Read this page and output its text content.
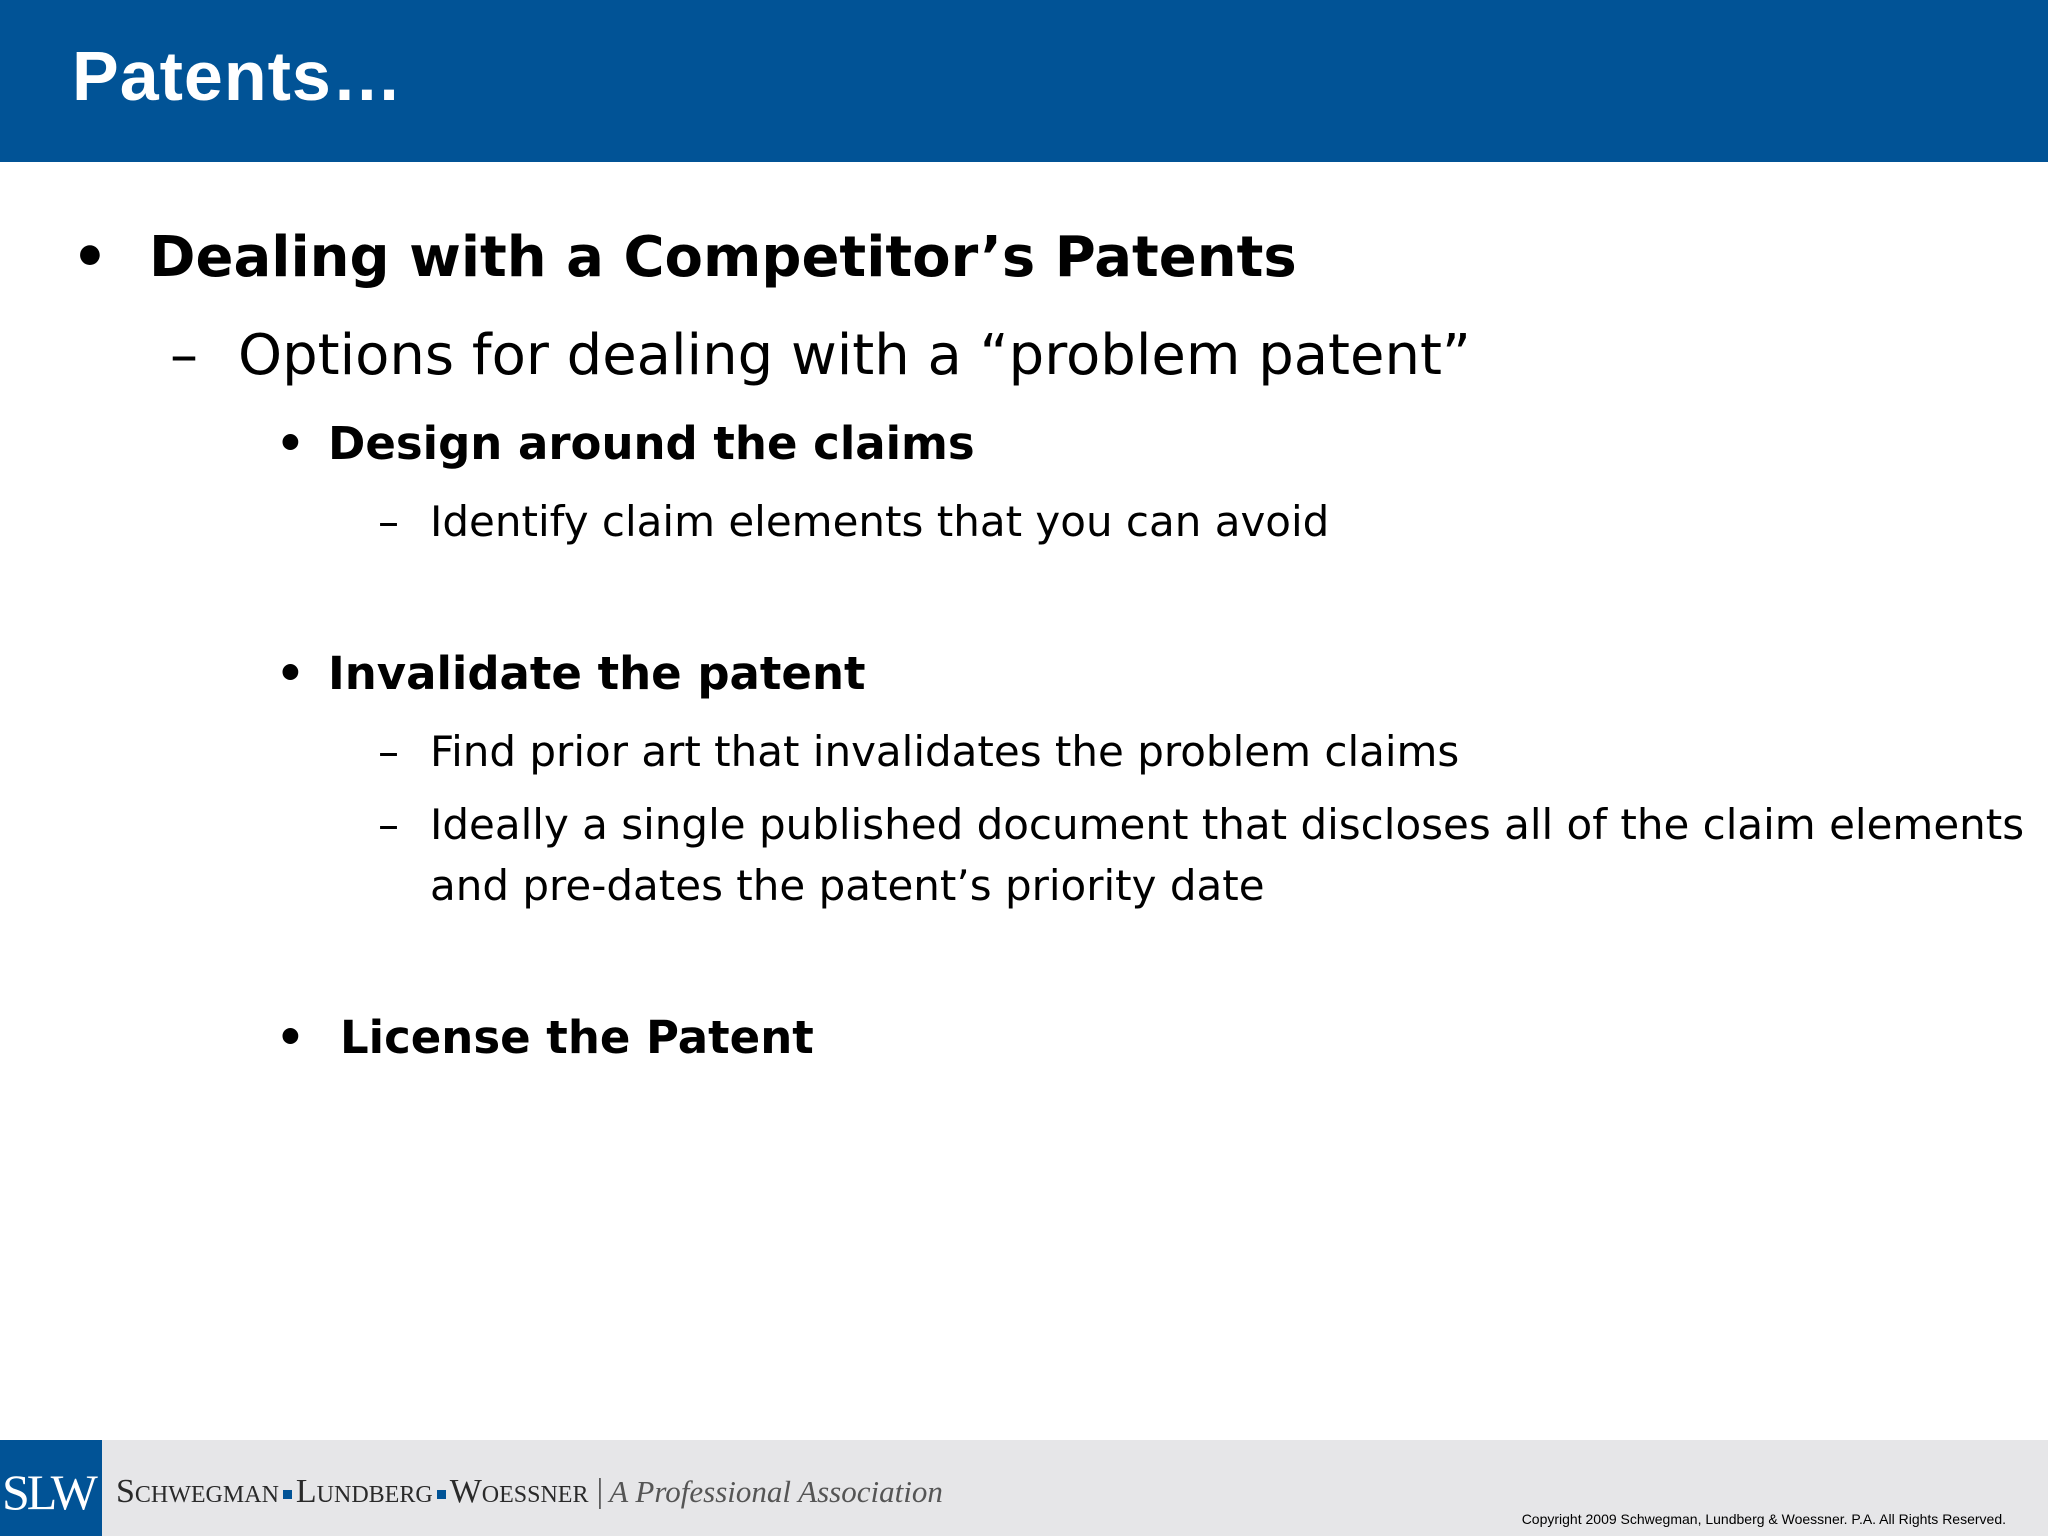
Patents…
• Dealing with a Competitor’s Patents

– Options for dealing with a “problem patent”

• Design around the claims

– Identify claim elements that you can avoid

• Invalidate the patent

– Find prior art that invalidates the problem claims

– Ideally a single published document that discloses all of the claim elements

and pre-dates the patent’s priority date

• License the Patent

SLW Schwegman Lundberg Woessner | A Professional Association
Copyright 2009 Schwegman, Lundberg & Woessner. P.A. All Rights Reserved.
